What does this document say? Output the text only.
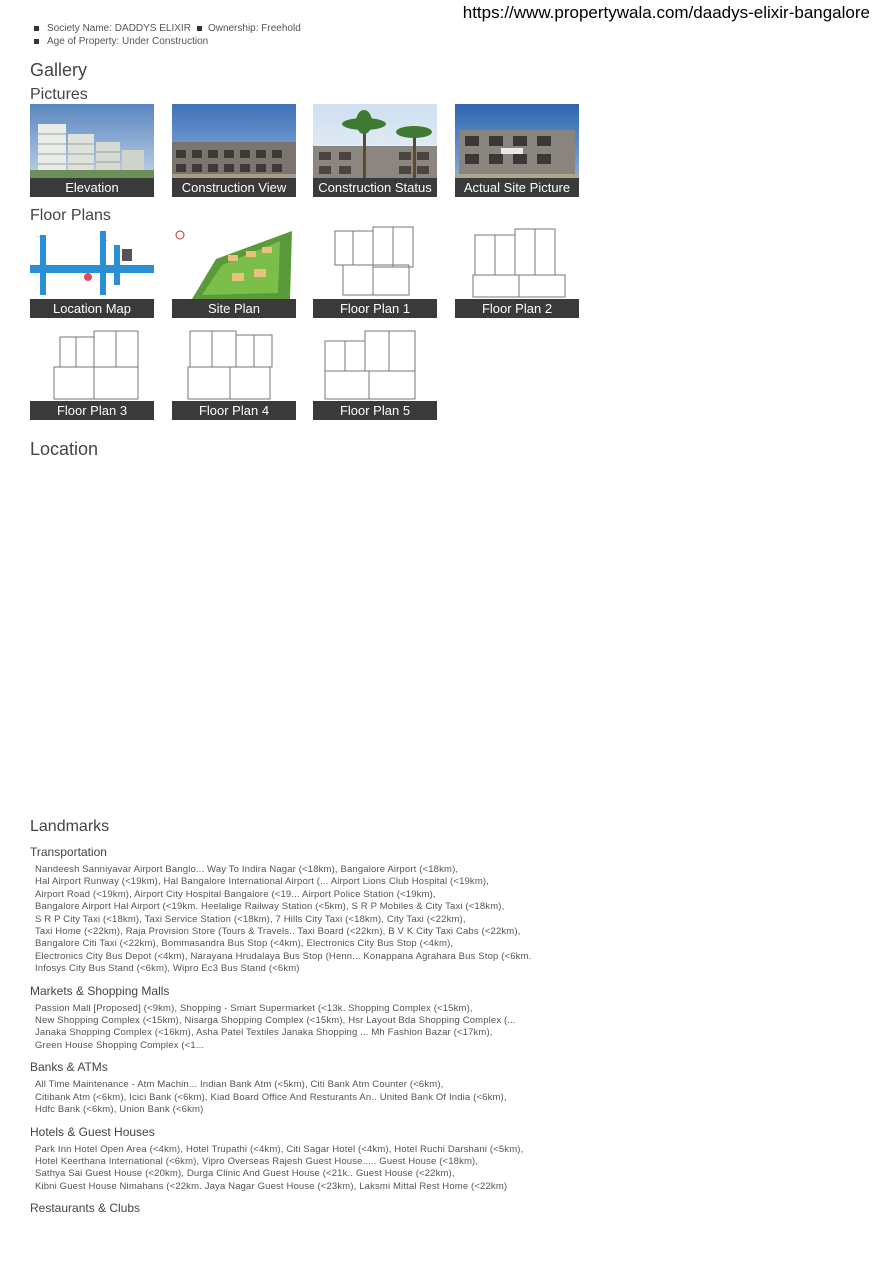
https://www.propertywala.com/daadys-elixir-bangalore
Society Name: DADDYS ELIXIR Ownership: Freehold
Age of Property: Under Construction
Gallery
Pictures
Elevation	Construction View	Construction Status	Actual Site Picture
Floor Plans
—
—
Location Map	Site Plan	Floor Plan 1	Floor Plan 2
Floor Plan 3	Floor Plan 4	Floor Plan 5
Location
Landmarks
Transportation
Nandeesh Sanniyavar Airport Banglo... Way To Indira Nagar (<18km), Bangalore Airport (<18km),
Hal Airport Runway (<19km), Hal Bangalore International Airport (... Airport Lions Club Hospital (<19km),
Airport Road (<19km), Airport City Hospital Bangalore (<19... Airport Police Station (<19km),
Bangalore Airport Hal Airport (<19km. Heelalige Railway Station (<5km), S R P Mobiles & City Taxi (<18km),
S R P City Taxi (<18km), Taxi Service Station (<18km), 7 Hills City Taxi (<18km), City Taxi (<22km),
Taxi Home (<22km), Raja Provision Store (Tours & Travels.. Taxi Board (<22km), B V K City Taxi Cabs (<22km),
Bangalore Citi Taxi (<22km), Bommasandra Bus Stop (<4km), Electronics City Bus Stop (<4km),
Electronics City Bus Depot (<4km), Narayana Hrudalaya Bus Stop (Henn... Konappana Agrahara Bus Stop (<6km.
Infosys City Bus Stand (<6km), Wipro Ec3 Bus Stand (<6km)
Markets & Shopping Malls
Passion Mall [Proposed] (<9km), Shopping - Smart Supermarket (<13k. Shopping Complex (<15km),
New Shopping Complex (<15km), Nisarga Shopping Complex (<15km), Hsr Layout Bda Shopping Complex (...
Janaka Shopping Complex (<16km), Asha Patel Textiles Janaka Shopping ... Mh Fashion Bazar (<17km),
Green House Shopping Complex (<1...
Banks & ATMs
All Time Maintenance - Atm Machin... Indian Bank Atm (<5km), Citi Bank Atm Counter (<6km),
Citibank Atm (<6km), Icici Bank (<6km), Kiad Board Office And Resturants An.. United Bank Of India (<6km),
Hdfc Bank (<6km), Union Bank (<6km)
Hotels & Guest Houses
Park Inn Hotel Open Area (<4km), Hotel Trupathi (<4km), Citi Sagar Hotel (<4km), Hotel Ruchi Darshani (<5km),
Hotel Keerthana International (<6km), Vipro Overseas Rajesh Guest House..... Guest House (<18km),
Sathya Sai Guest House (<20km), Durga Clinic And Guest House (<21k.. Guest House (<22km),
Kibni Guest House Nimahans (<22km. Jaya Nagar Guest House (<23km), Laksmi Mittal Rest Home (<22km)
Restaurants & Clubs
